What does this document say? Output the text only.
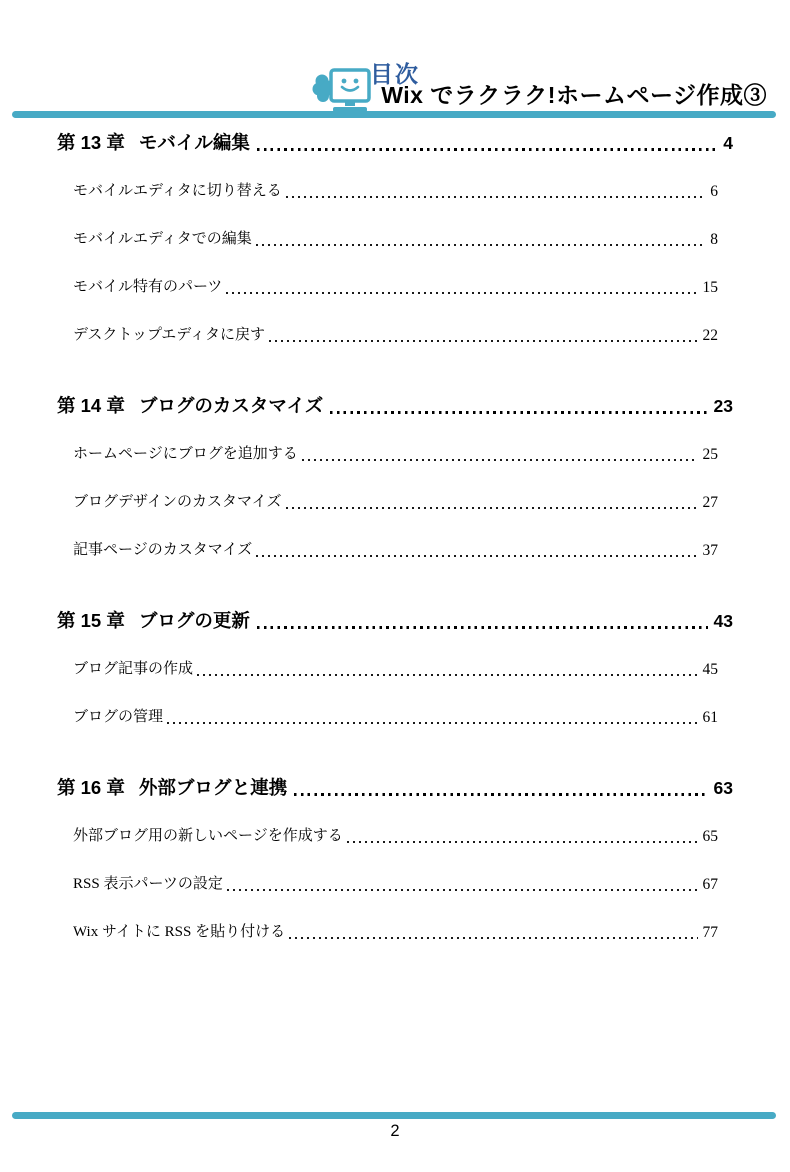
Wix でラクラク!ホームページ作成③
目次
第 13 章 モバイル編集	4
モバイルエディタに切り替える	6
モバイルエディタでの編集	8
モバイル特有のパーツ	15
デスクトップエディタに戻す	22
第 14 章 ブログのカスタマイズ	23
ホームページにブログを追加する	25
ブログデザインのカスタマイズ	27
記事ページのカスタマイズ	37
第 15 章 ブログの更新	43
ブログ記事の作成	45
ブログの管理	61
第 16 章 外部ブログと連携	63
外部ブログ用の新しいページを作成する	65
RSS 表示パーツの設定	67
Wix サイトに RSS を貼り付ける	77
2
